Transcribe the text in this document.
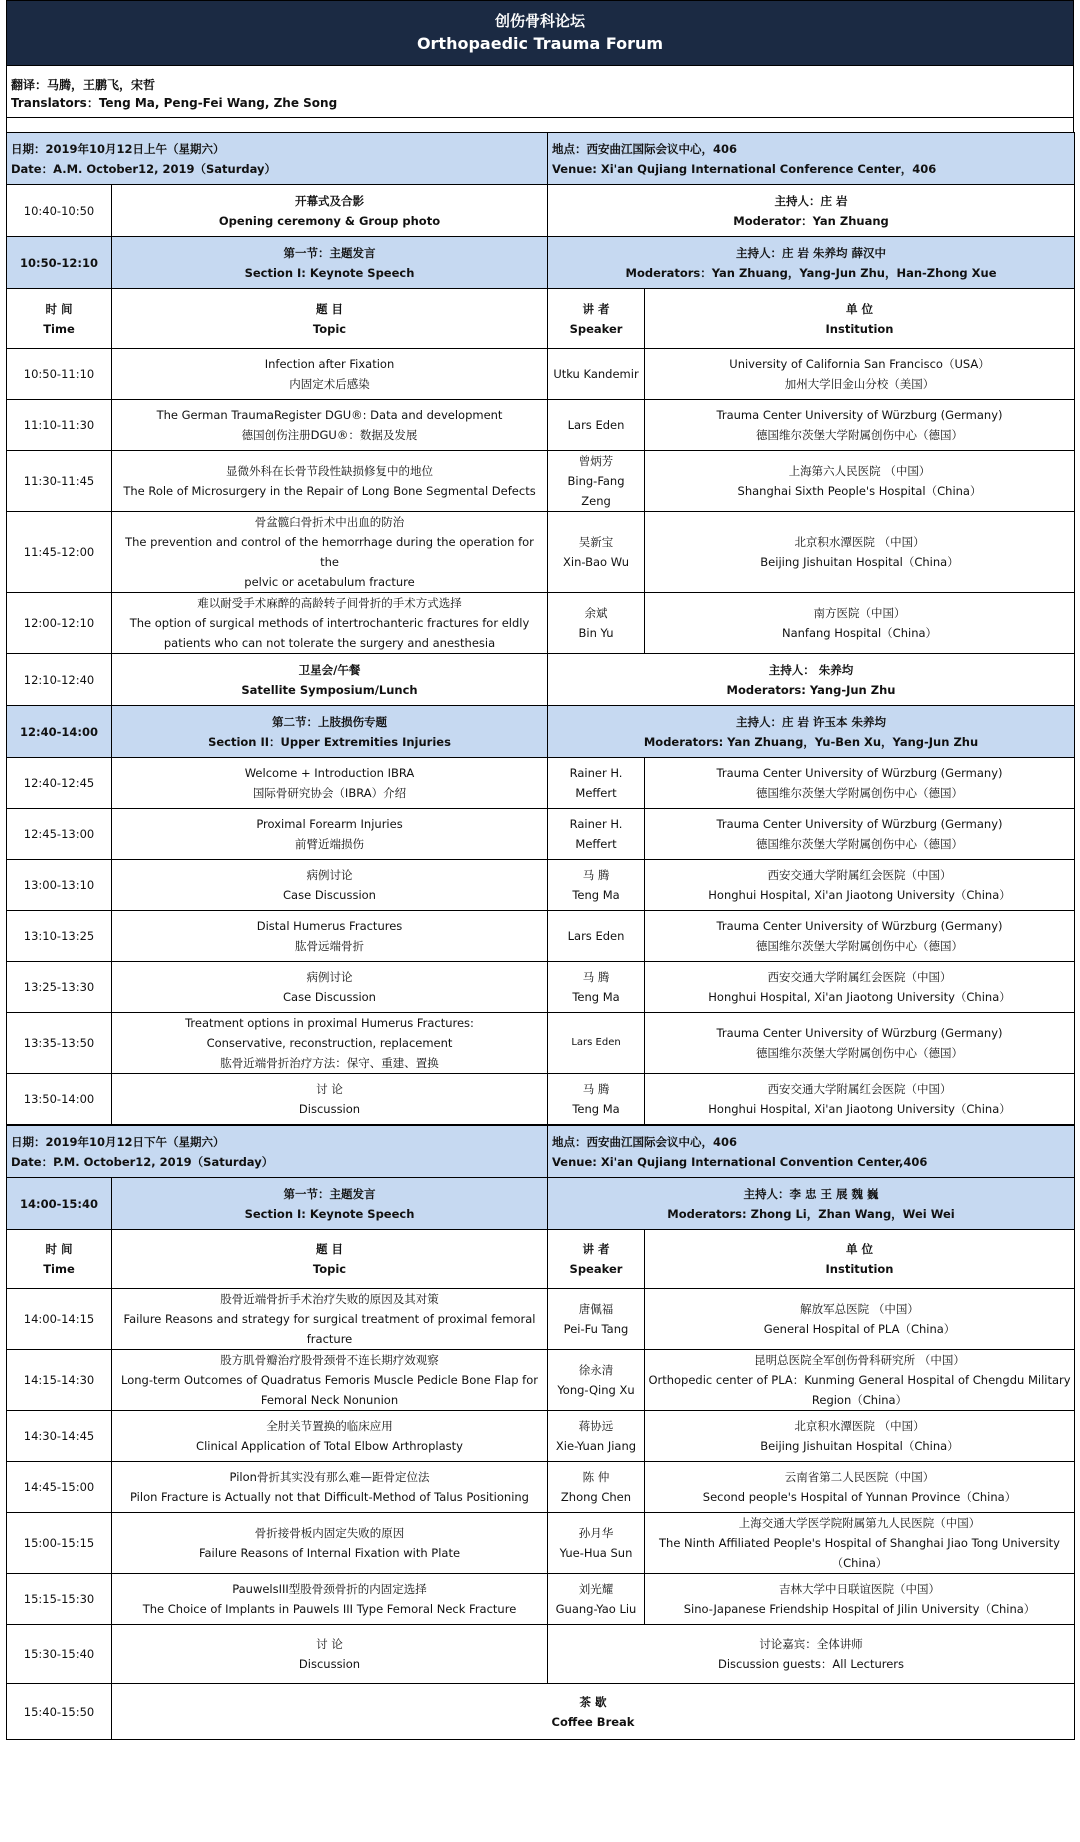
创伤骨科论坛
Orthopaedic Trauma Forum
翻译：马腾，王鹏飞，宋哲
Translators：Teng Ma, Peng-Fei Wang, Zhe Song
日期：2019年10月12日上午（星期六）
Date：A.M. October12, 2019（Saturday）		地点：西安曲江国际会议中心，406
Venue: Xi'an Qujiang International Conference Center，406	

10:40-10:50	开幕式及合影
Opening ceremony & Group photo	主持人：庄 岩
Moderator：Yan Zhuang	

10:50-12:10	第一节：主题发言
Section I: Keynote Speech	主持人：庄 岩 朱养均 薛汉中
Moderators：Yan Zhuang，Yang-Jun Zhu，Han-Zhong Xue	

时 间
Time	题 目
Topic	讲 者
Speaker	单 位
Institution

10:50-11:10	Infection after Fixation
内固定术后感染	Utku Kandemir	University of California San Francisco（USA）
加州大学旧金山分校（美国）

11:10-11:30	The German TraumaRegister DGU®: Data and development
德国创伤注册DGU®：数据及发展	Lars Eden	Trauma Center University of Würzburg (Germany)
德国维尔茨堡大学附属创伤中心（德国）

11:30-11:45	显微外科在长骨节段性缺损修复中的地位
The Role of Microsurgery in the Repair of Long Bone Segmental Defects	曾炳芳
Bing-Fang Zeng	上海第六人民医院 （中国）
Shanghai Sixth People's Hospital（China）

11:45-12:00	骨盆髋臼骨折术中出血的防治
The prevention and control of the hemorrhage during the operation for the
pelvic or acetabulum fracture	吴新宝
Xin-Bao Wu	北京积水潭医院 （中国）
Beijing Jishuitan Hospital（China）

12:00-12:10	难以耐受手术麻醉的高龄转子间骨折的手术方式选择
The option of surgical methods of intertrochanteric fractures for eldly
patients who can not tolerate the surgery and anesthesia	余斌
Bin Yu	南方医院（中国）
Nanfang Hospital（China）

12:10-12:40	卫星会/午餐
Satellite Symposium/Lunch	主持人： 朱养均
Moderators: Yang-Jun Zhu	

12:40-14:00	第二节：上肢损伤专题
Section II：Upper Extremities Injuries	主持人：庄 岩 许玉本 朱养均
Moderators: Yan Zhuang，Yu-Ben Xu，Yang-Jun Zhu	

12:40-12:45	Welcome + Introduction IBRA
国际骨研究协会（IBRA）介绍	Rainer H.
Meffert	Trauma Center University of Würzburg (Germany)
德国维尔茨堡大学附属创伤中心（德国）

12:45-13:00	Proximal Forearm Injuries
前臂近端损伤	Rainer H.
Meffert	Trauma Center University of Würzburg (Germany)
德国维尔茨堡大学附属创伤中心（德国）

13:00-13:10	病例讨论
Case Discussion	马 腾
Teng Ma	西安交通大学附属红会医院（中国）
Honghui Hospital, Xi'an Jiaotong University（China）

13:10-13:25	Distal Humerus Fractures
肱骨远端骨折	Lars Eden	Trauma Center University of Würzburg (Germany)
德国维尔茨堡大学附属创伤中心（德国）

13:25-13:30	病例讨论
Case Discussion	马 腾
Teng Ma	西安交通大学附属红会医院（中国）
Honghui Hospital, Xi'an Jiaotong University（China）

13:35-13:50	Treatment options in proximal Humerus Fractures:
Conservative, reconstruction, replacement
肱骨近端骨折治疗方法：保守、重建、置换	Lars Eden	Trauma Center University of Würzburg (Germany)
德国维尔茨堡大学附属创伤中心（德国）

13:50-14:00	讨 论
Discussion	马 腾
Teng Ma	西安交通大学附属红会医院（中国）
Honghui Hospital, Xi'an Jiaotong University（China）
日期：2019年10月12日下午（星期六）
Date：P.M. October12, 2019（Saturday）		地点：西安曲江国际会议中心，406
Venue: Xi'an Qujiang International Convention Center,406	

14:00-15:40	第一节：主题发言
Section I: Keynote Speech	主持人：李 忠 王 展 魏 巍
Moderators: Zhong Li，Zhan Wang，Wei Wei	

时 间
Time	题 目
Topic	讲 者
Speaker	单 位
Institution

14:00-14:15	股骨近端骨折手术治疗失败的原因及其对策
Failure Reasons and strategy for surgical treatment of proximal femoral
fracture	唐佩福
Pei-Fu Tang	解放军总医院 （中国）
General Hospital of PLA（China）

14:15-14:30	股方肌骨瓣治疗股骨颈骨不连长期疗效观察
Long-term Outcomes of Quadratus Femoris Muscle Pedicle Bone Flap for
Femoral Neck Nonunion	徐永清
Yong-Qing Xu	昆明总医院全军创伤骨科研究所 （中国）
Orthopedic center of PLA：Kunming General Hospital of Chengdu Military
Region（China）

14:30-14:45	全肘关节置换的临床应用
Clinical Application of Total Elbow Arthroplasty	蒋协远
Xie-Yuan Jiang	北京积水潭医院 （中国）
Beijing Jishuitan Hospital（China）

14:45-15:00	Pilon骨折其实没有那么难—距骨定位法
Pilon Fracture is Actually not that Difficult-Method of Talus Positioning	陈 仲
Zhong Chen	云南省第二人民医院（中国）
Second people's Hospital of Yunnan Province（China）

15:00-15:15	骨折接骨板内固定失败的原因
Failure Reasons of Internal Fixation with Plate	孙月华
Yue-Hua Sun	上海交通大学医学院附属第九人民医院（中国）
The Ninth Affiliated People's Hospital of Shanghai Jiao Tong University
（China）

15:15-15:30	PauwelsIII型股骨颈骨折的内固定选择
The Choice of Implants in Pauwels III Type Femoral Neck Fracture	刘光耀
Guang-Yao Liu	吉林大学中日联谊医院（中国）
Sino-Japanese Friendship Hospital of Jilin University（China）

15:30-15:40	讨 论
Discussion	讨论嘉宾：全体讲师
Discussion guests：All Lecturers	

15:40-15:50	茶 歇
Coffee Break		
